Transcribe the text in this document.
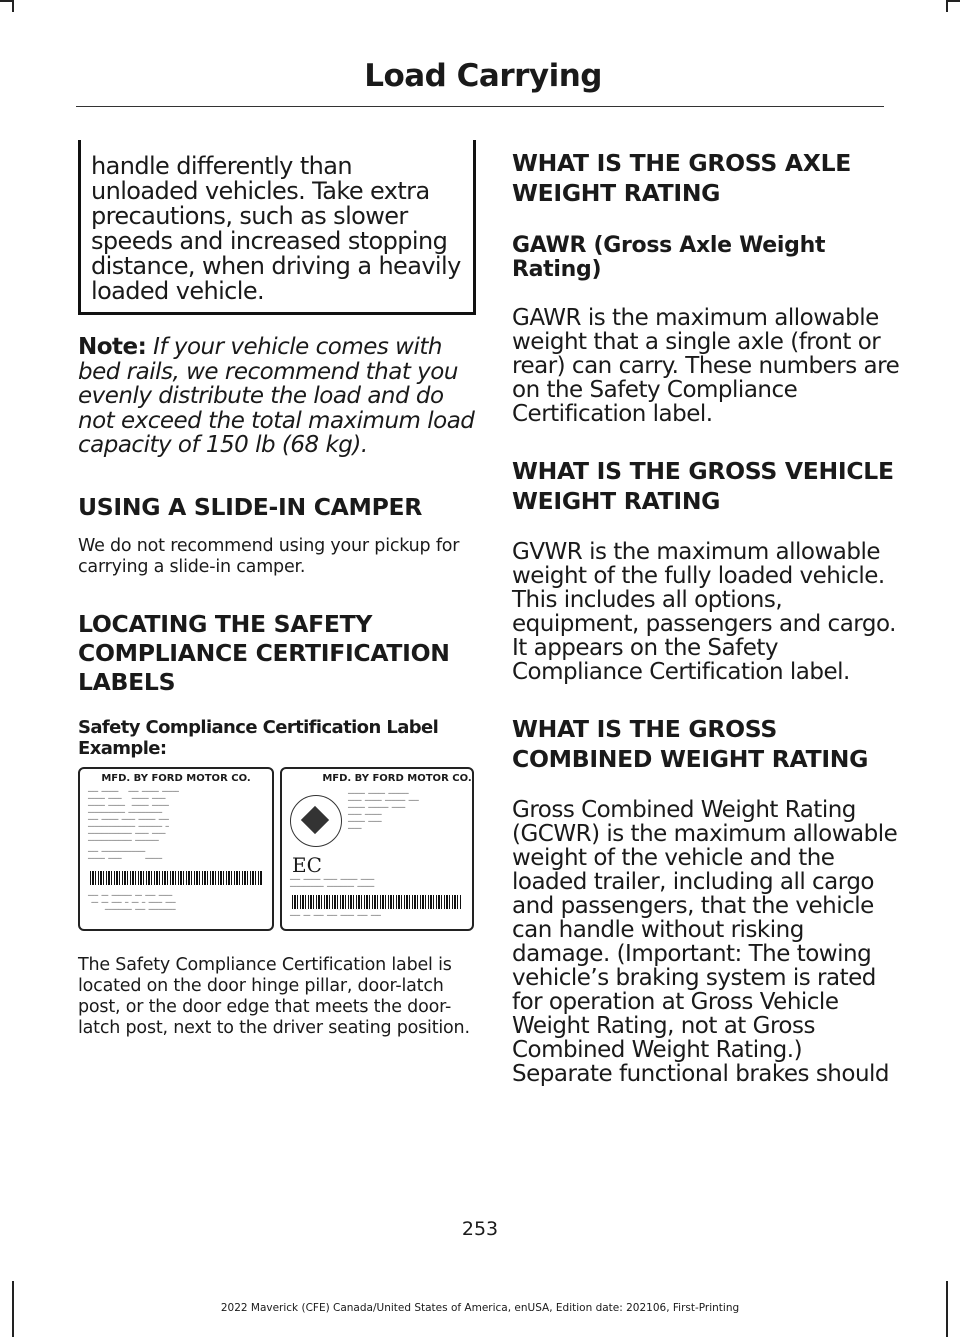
Load Carrying
handle differently than unloaded vehicles. Take extra precautions, such as slower speeds and increased stopping distance, when driving a heavily loaded vehicle.
Note: If your vehicle comes with bed rails, we recommend that you evenly distribute the load and do not exceed the total maximum load capacity of 150 lb (68 kg).
USING A SLIDE-IN CAMPER
We do not recommend using your pickup for carrying a slide-in camper.
LOCATING THE SAFETY COMPLIANCE CERTIFICATION LABELS
Safety Compliance Certification Label Example:
MFD. BY FORD MOTOR CO.
─── ─────   ─── ───── ─────
───── ────   ───── ────
───── ─────  ───── ─────
─────────── ──────────
─── ───── ──── ───── ───
────────────── ─────── ─
───────────── ──── ────
───────────── ───────
─── ─────────────
───── ────       ─────
─── ── ────── ── ─── ────
── ── ─── ─ ── ─ ──── ───
──────── ─── ────────
MFD. BY FORD MOTOR CO.
EC
───── ───── ──────
──── ───── ────── ───
───── ────── ────
──── ─────
───── ────
────
─── ───── ──── ───── ────
────────── ──────── ─────
─── ── ─── ─── ──── ─── ───
The Safety Compliance Certification label is located on the door hinge pillar, door-latch post, or the door edge that meets the door-latch post, next to the driver seating position.
WHAT IS THE GROSS AXLE WEIGHT RATING
GAWR (Gross Axle Weight Rating)
GAWR is the maximum allowable weight that a single axle (front or rear) can carry. These numbers are on the Safety Compliance Certification label.
WHAT IS THE GROSS VEHICLE WEIGHT RATING
GVWR is the maximum allowable weight of the fully loaded vehicle. This includes all options, equipment, passengers and cargo. It appears on the Safety Compliance Certification label.
WHAT IS THE GROSS COMBINED WEIGHT RATING
Gross Combined Weight Rating (GCWR) is the maximum allowable weight of the vehicle and the loaded trailer, including all cargo and passengers, that the vehicle can handle without risking damage. (Important: The towing vehicle’s braking system is rated for operation at Gross Vehicle Weight Rating, not at Gross Combined Weight Rating.) Separate functional brakes should
253
2022 Maverick (CFE) Canada/United States of America, enUSA, Edition date: 202106, First-Printing
